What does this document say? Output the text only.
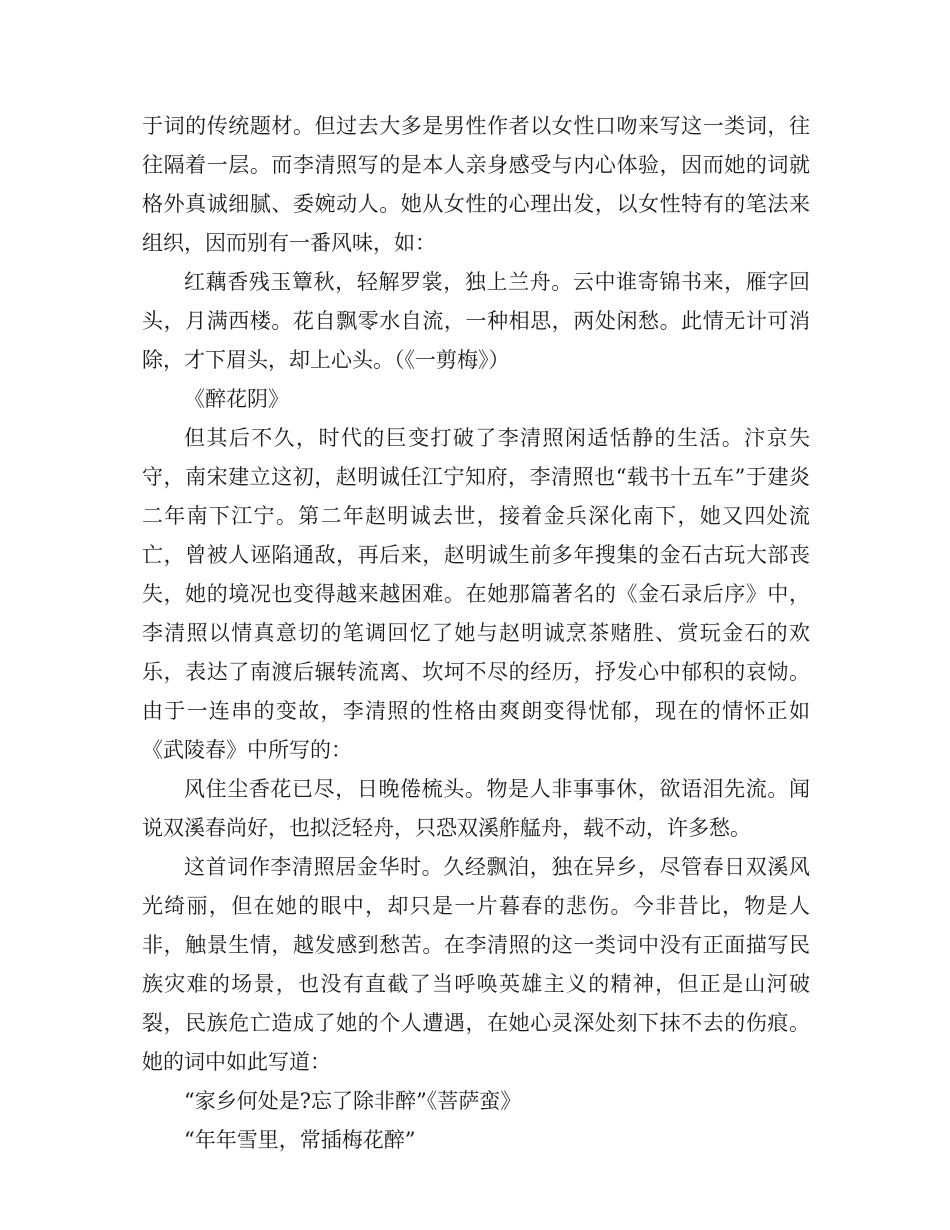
于词的传统题材。但过去大多是男性作者以女性口吻来写这一类词，往往隔着一层。而李清照写的是本人亲身感受与内心体验，因而她的词就格外真诚细腻、委婉动人。她从女性的心理出发，以女性特有的笔法来组织，因而别有一番风味，如：

红藕香残玉簟秋，轻解罗裳，独上兰舟。云中谁寄锦书来，雁字回头，月满西楼。花自飘零水自流，一种相思，两处闲愁。此情无计可消除，才下眉头，却上心头。（《一剪梅》）

《醉花阴》

但其后不久，时代的巨变打破了李清照闲适恬静的生活。汴京失守，南宋建立这初，赵明诚任江宁知府，李清照也“载书十五车”于建炎二年南下江宁。第二年赵明诚去世，接着金兵深化南下，她又四处流亡，曾被人诬陷通敌，再后来，赵明诚生前多年搜集的金石古玩大部丧失，她的境况也变得越来越困难。在她那篇著名的《金石录后序》中，李清照以情真意切的笔调回忆了她与赵明诚烹茶赌胜、赏玩金石的欢乐，表达了南渡后辗转流离、坎坷不尽的经历，抒发心中郁积的哀恸。由于一连串的变故，李清照的性格由爽朗变得忧郁，现在的情怀正如《武陵春》中所写的：

风住尘香花已尽，日晚倦梳头。物是人非事事休，欲语泪先流。闻说双溪春尚好，也拟泛轻舟，只恐双溪舴艋舟，载不动，许多愁。

这首词作李清照居金华时。久经飘泊，独在异乡，尽管春日双溪风光绮丽，但在她的眼中，却只是一片暮春的悲伤。今非昔比，物是人非，触景生情，越发感到愁苦。在李清照的这一类词中没有正面描写民族灾难的场景，也没有直截了当呼唤英雄主义的精神，但正是山河破裂，民族危亡造成了她的个人遭遇，在她心灵深处刻下抹不去的伤痕。她的词中如此写道：

“家乡何处是?忘了除非醉”《菩萨蛮》

“年年雪里，常插梅花醉”
